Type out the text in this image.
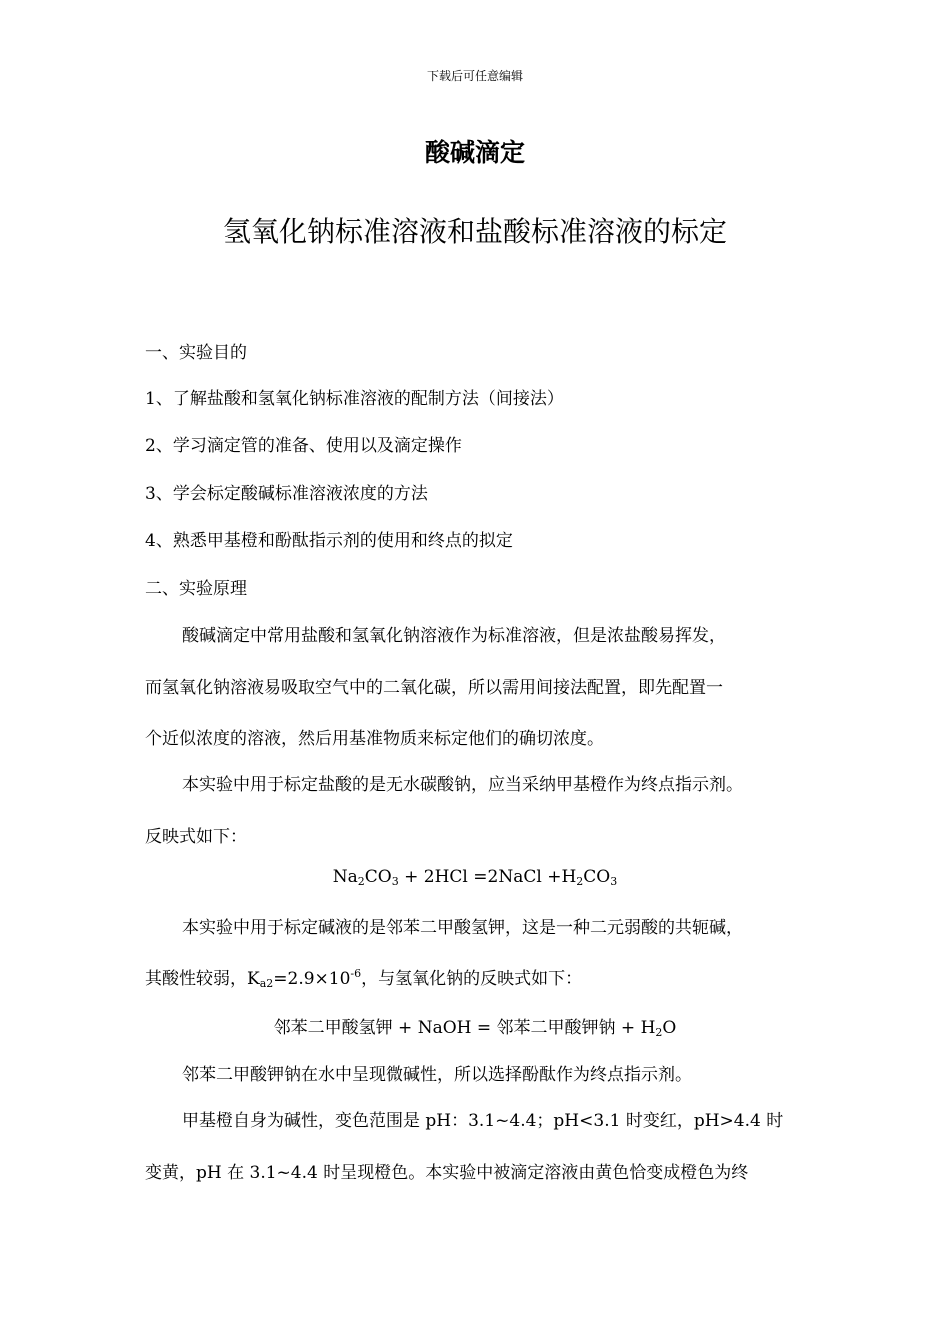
下载后可任意编辑
酸碱滴定
氢氧化钠标准溶液和盐酸标准溶液的标定
一、实验目的
1、了解盐酸和氢氧化钠标准溶液的配制方法（间接法）
2、学习滴定管的准备、使用以及滴定操作
3、学会标定酸碱标准溶液浓度的方法
4、熟悉甲基橙和酚酞指示剂的使用和终点的拟定
二、实验原理
酸碱滴定中常用盐酸和氢氧化钠溶液作为标准溶液，但是浓盐酸易挥发，
而氢氧化钠溶液易吸取空气中的二氧化碳，所以需用间接法配置，即先配置一
个近似浓度的溶液，然后用基准物质来标定他们的确切浓度。
本实验中用于标定盐酸的是无水碳酸钠，应当采纳甲基橙作为终点指示剂。
反映式如下：
$Na_2CO_3 + 2HCl$ =2NaCl $+H_2CO_3$
本实验中用于标定碱液的是邻苯二甲酸氢钾，这是一种二元弱酸的共轭碱，
其酸性较弱，$K_{a2}=2.9\times 10^{-6}$，与氢氧化钠的反映式如下：
邻苯二甲酸氢钾 + NaOH = 邻苯二甲酸钾钠 + $H_2O$
邻苯二甲酸钾钠在水中呈现微碱性，所以选择酚酞作为终点指示剂。
甲基橙自身为碱性，变色范围是 pH：3.1~4.4；pH<3.1 时变红，pH>4.4 时
变黄，pH 在 3.1~4.4 时呈现橙色。本实验中被滴定溶液由黄色恰变成橙色为终
